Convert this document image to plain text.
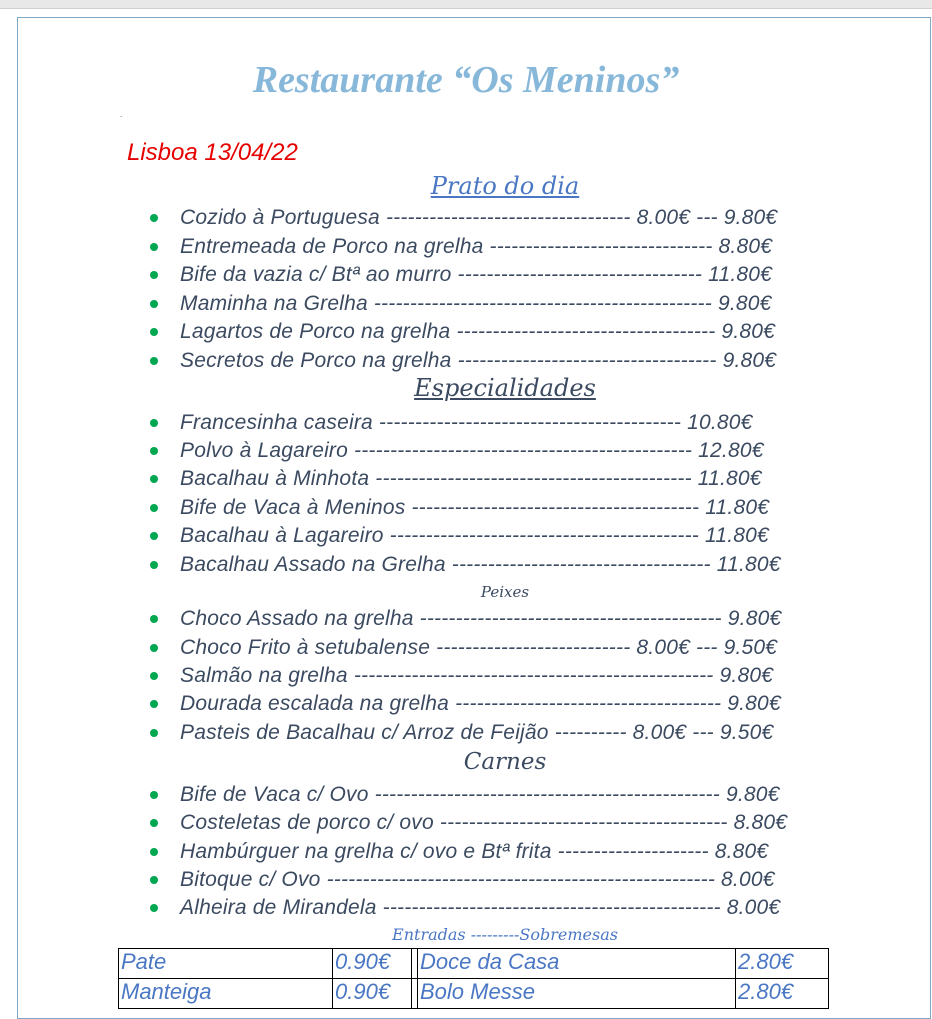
Restaurante “Os Meninos”
.
Lisboa 13/04/22
Prato do dia
Cozido à Portuguesa ---------------------------------- 8.00€ --- 9.80€
Entremeada de Porco na grelha ------------------------------- 8.80€
Bife da vazia c/ Btª ao murro ---------------------------------- 11.80€
Maminha na Grelha ----------------------------------------------- 9.80€
Lagartos de Porco na grelha ------------------------------------ 9.80€
Secretos de Porco na grelha ------------------------------------ 9.80€
Especialidades
Francesinha caseira ------------------------------------------ 10.80€
Polvo à Lagareiro ----------------------------------------------- 12.80€
Bacalhau à Minhota -------------------------------------------- 11.80€
Bife de Vaca à Meninos ---------------------------------------- 11.80€
Bacalhau à Lagareiro ------------------------------------------- 11.80€
Bacalhau Assado na Grelha ------------------------------------ 11.80€
Peixes
Choco Assado na grelha ------------------------------------------ 9.80€
Choco Frito à setubalense --------------------------- 8.00€ --- 9.50€
Salmão na grelha -------------------------------------------------- 9.80€
Dourada escalada na grelha ------------------------------------- 9.80€
Pasteis de Bacalhau c/ Arroz de Feijão ---------- 8.00€ --- 9.50€
Carnes
Bife de Vaca c/ Ovo ------------------------------------------------ 9.80€
Costeletas de porco c/ ovo ---------------------------------------- 8.80€
Hambúrguer na grelha c/ ovo e Btª frita --------------------- 8.80€
Bitoque c/ Ovo ------------------------------------------------------ 8.00€
Alheira de Mirandela ----------------------------------------------- 8.00€
Entradas ---------Sobremesas
Pate	0.90€		Doce da Casa	2.80€
Manteiga	0.90€		Bolo Messe	2.80€
